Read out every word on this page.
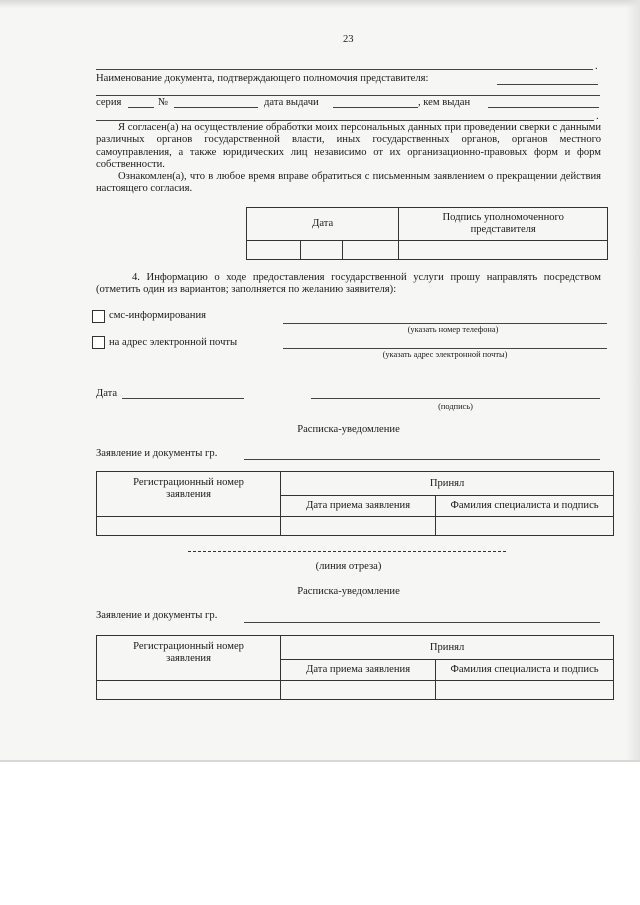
23
.
Наименование документа, подтверждающего полномочия представителя:
серия	№	дата выдачи	, кем выдан
.
Я согласен(а) на осуществление обработки моих персональных данных при проведении сверки с данными различных органов государственной власти, иных государственных органов, органов местного самоуправления, а также юридических лиц независимо от их организационно-правовых форм и форм собственности.
Ознакомлен(а), что в любое время вправе обратиться с письменным заявлением о прекращении действия настоящего согласия.
Дата			Подпись уполномоченного представителя

4. Информацию о ходе предоставления государственной услуги прошу направлять посредством (отметить один из вариантов; заполняется по желанию заявителя):
смс-информирования
(указать номер телефона)
на адрес электронной почты
(указать адрес электронной почты)
Дата
(подпись)
Расписка-уведомление
Заявление и документы гр.
Регистрационный номер заявления	Принял	
	Дата приема заявления	Фамилия специалиста и подпись

(линия отреза)
Расписка-уведомление
Заявление и документы гр.
Регистрационный номер заявления	Принял	
	Дата приема заявления	Фамилия специалиста и подпись
